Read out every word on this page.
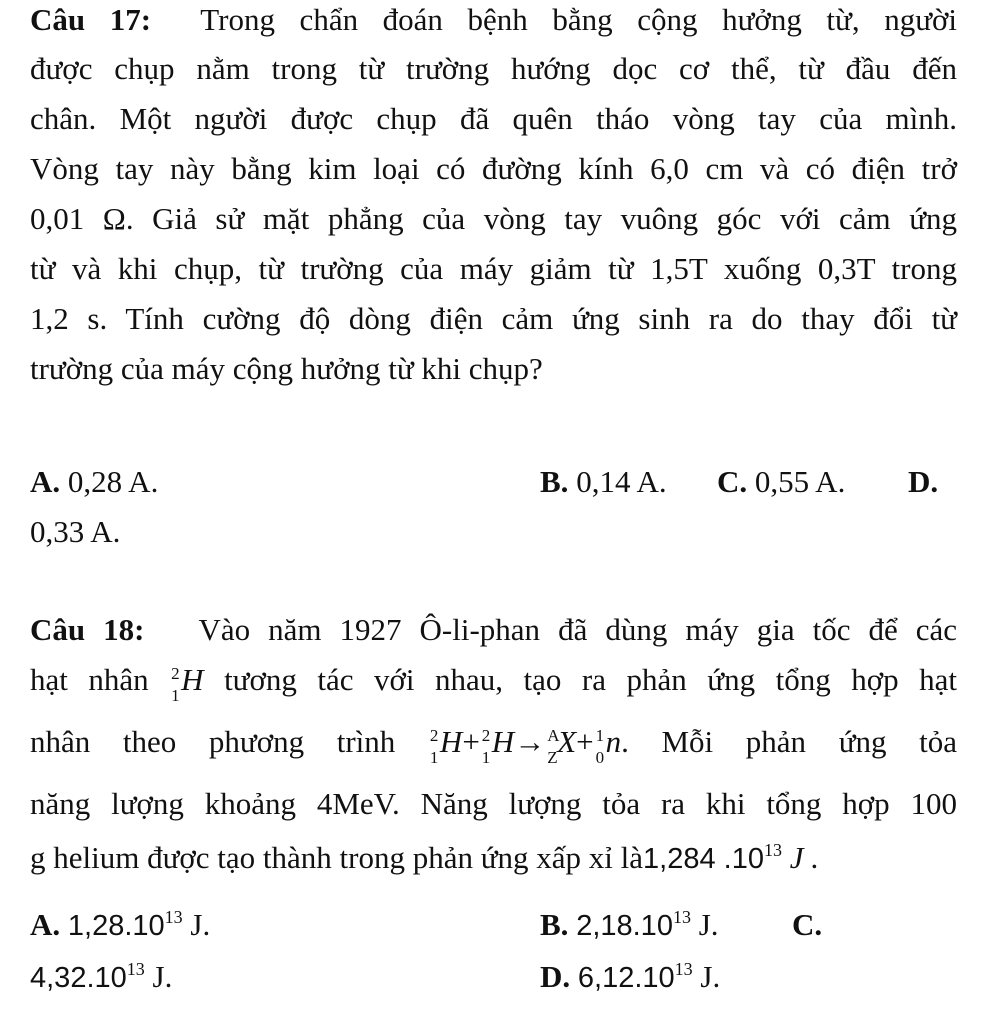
Câu 17: Trong chẩn đoán bệnh bằng cộng hưởng từ, người
được chụp nằm trong từ trường hướng dọc cơ thể, từ đầu đến
chân. Một người được chụp đã quên tháo vòng tay của mình.
Vòng tay này bằng kim loại có đường kính 6,0 cm và có điện trở
0,01 Ω. Giả sử mặt phẳng của vòng tay vuông góc với cảm ứng
từ và khi chụp, từ trường của máy giảm từ 1,5T xuống 0,3T trong
1,2 s. Tính cường độ dòng điện cảm ứng sinh ra do thay đổi từ
trường của máy cộng hưởng từ khi chụp?
A. 0,28 A.	B. 0,14 A. C. 0,55 A. D.
0,33 A.
Câu 18: Vào năm 1927 Ô-li-phan đã dùng máy gia tốc để các
hạt nhân 2
1 H tương tác với nhau, tạo ra phản ứng tổng hợp hạt
nhân theo phương trình 2
1 H+ 2
1 H→ A
Z X+ 1
0 n. Mỗi phản ứng tỏa
năng lượng khoảng 4MeV. Năng lượng tỏa ra khi tổng hợp 100
g helium được tạo thành trong phản ứng xấp xỉ là1,284 $.10^{13}$ J .
A. 1,28.10$^{13}$ J.	B. 2,18.10$^{13}$ J. C.
4,32.10$^{13}$ J.	D. 6,12.10$^{13}$ J.
